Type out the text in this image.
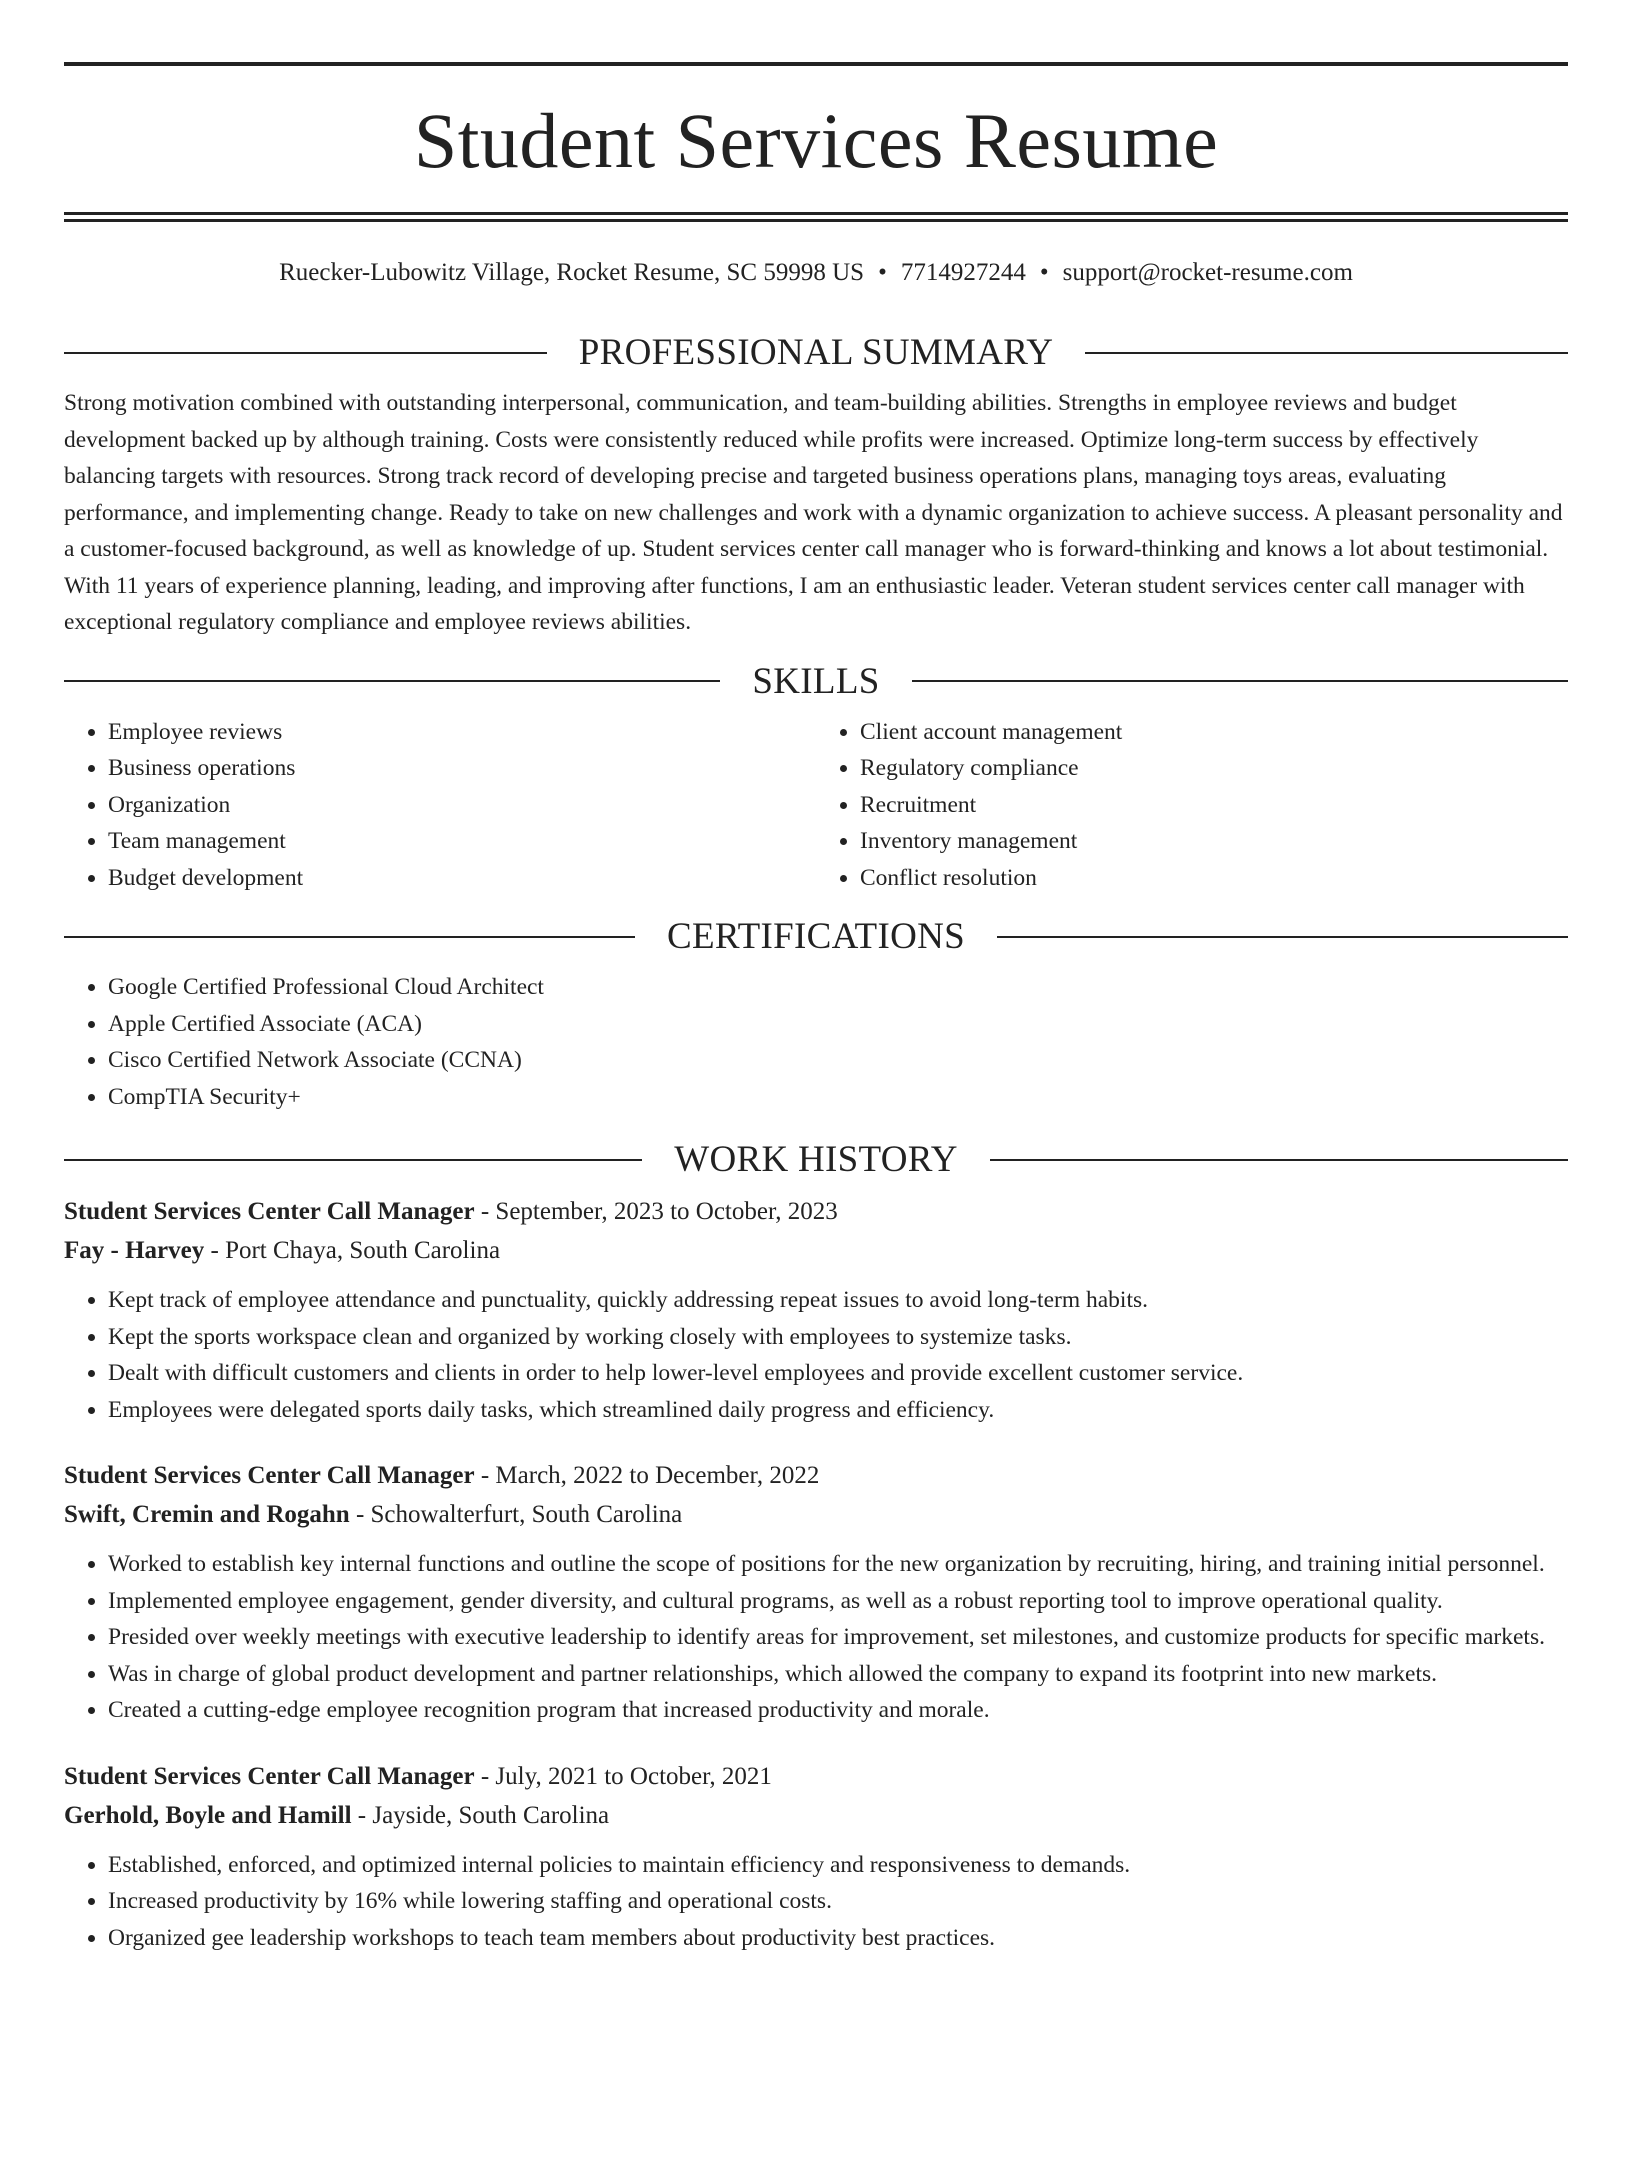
Student Services Resume
Ruecker-Lubowitz Village, Rocket Resume, SC 59998 US • 7714927244 • support@rocket-resume.com
PROFESSIONAL SUMMARY

Strong motivation combined with outstanding interpersonal, communication, and team-building abilities. Strengths in employee reviews and budget development backed up by although training. Costs were consistently reduced while profits were increased. Optimize long-term success by effectively balancing targets with resources. Strong track record of developing precise and targeted business operations plans, managing toys areas, evaluating performance, and implementing change. Ready to take on new challenges and work with a dynamic organization to achieve success. A pleasant personality and a customer-focused background, as well as knowledge of up. Student services center call manager who is forward-thinking and knows a lot about testimonial. With 11 years of experience planning, leading, and improving after functions, I am an enthusiastic leader. Veteran student services center call manager with exceptional regulatory compliance and employee reviews abilities.

SKILLS
• Employee reviews
• Business operations
• Organization
• Team management
• Budget development
• Client account management
• Regulatory compliance
• Recruitment
• Inventory management
• Conflict resolution
CERTIFICATIONS
• Google Certified Professional Cloud Architect
• Apple Certified Associate (ACA)
• Cisco Certified Network Associate (CCNA)
• CompTIA Security+
WORK HISTORY
Student Services Center Call Manager - September, 2023 to October, 2023
Fay - Harvey - Port Chaya, South Carolina
• Kept track of employee attendance and punctuality, quickly addressing repeat issues to avoid long-term habits.
• Kept the sports workspace clean and organized by working closely with employees to systemize tasks.
• Dealt with difficult customers and clients in order to help lower-level employees and provide excellent customer service.
• Employees were delegated sports daily tasks, which streamlined daily progress and efficiency.
Student Services Center Call Manager - March, 2022 to December, 2022
Swift, Cremin and Rogahn - Schowalterfurt, South Carolina
• Worked to establish key internal functions and outline the scope of positions for the new organization by recruiting, hiring, and training initial personnel.
• Implemented employee engagement, gender diversity, and cultural programs, as well as a robust reporting tool to improve operational quality.
• Presided over weekly meetings with executive leadership to identify areas for improvement, set milestones, and customize products for specific markets.
• Was in charge of global product development and partner relationships, which allowed the company to expand its footprint into new markets.
• Created a cutting-edge employee recognition program that increased productivity and morale.
Student Services Center Call Manager - July, 2021 to October, 2021
Gerhold, Boyle and Hamill - Jayside, South Carolina
• Established, enforced, and optimized internal policies to maintain efficiency and responsiveness to demands.
• Increased productivity by 16% while lowering staffing and operational costs.
• Organized gee leadership workshops to teach team members about productivity best practices.
